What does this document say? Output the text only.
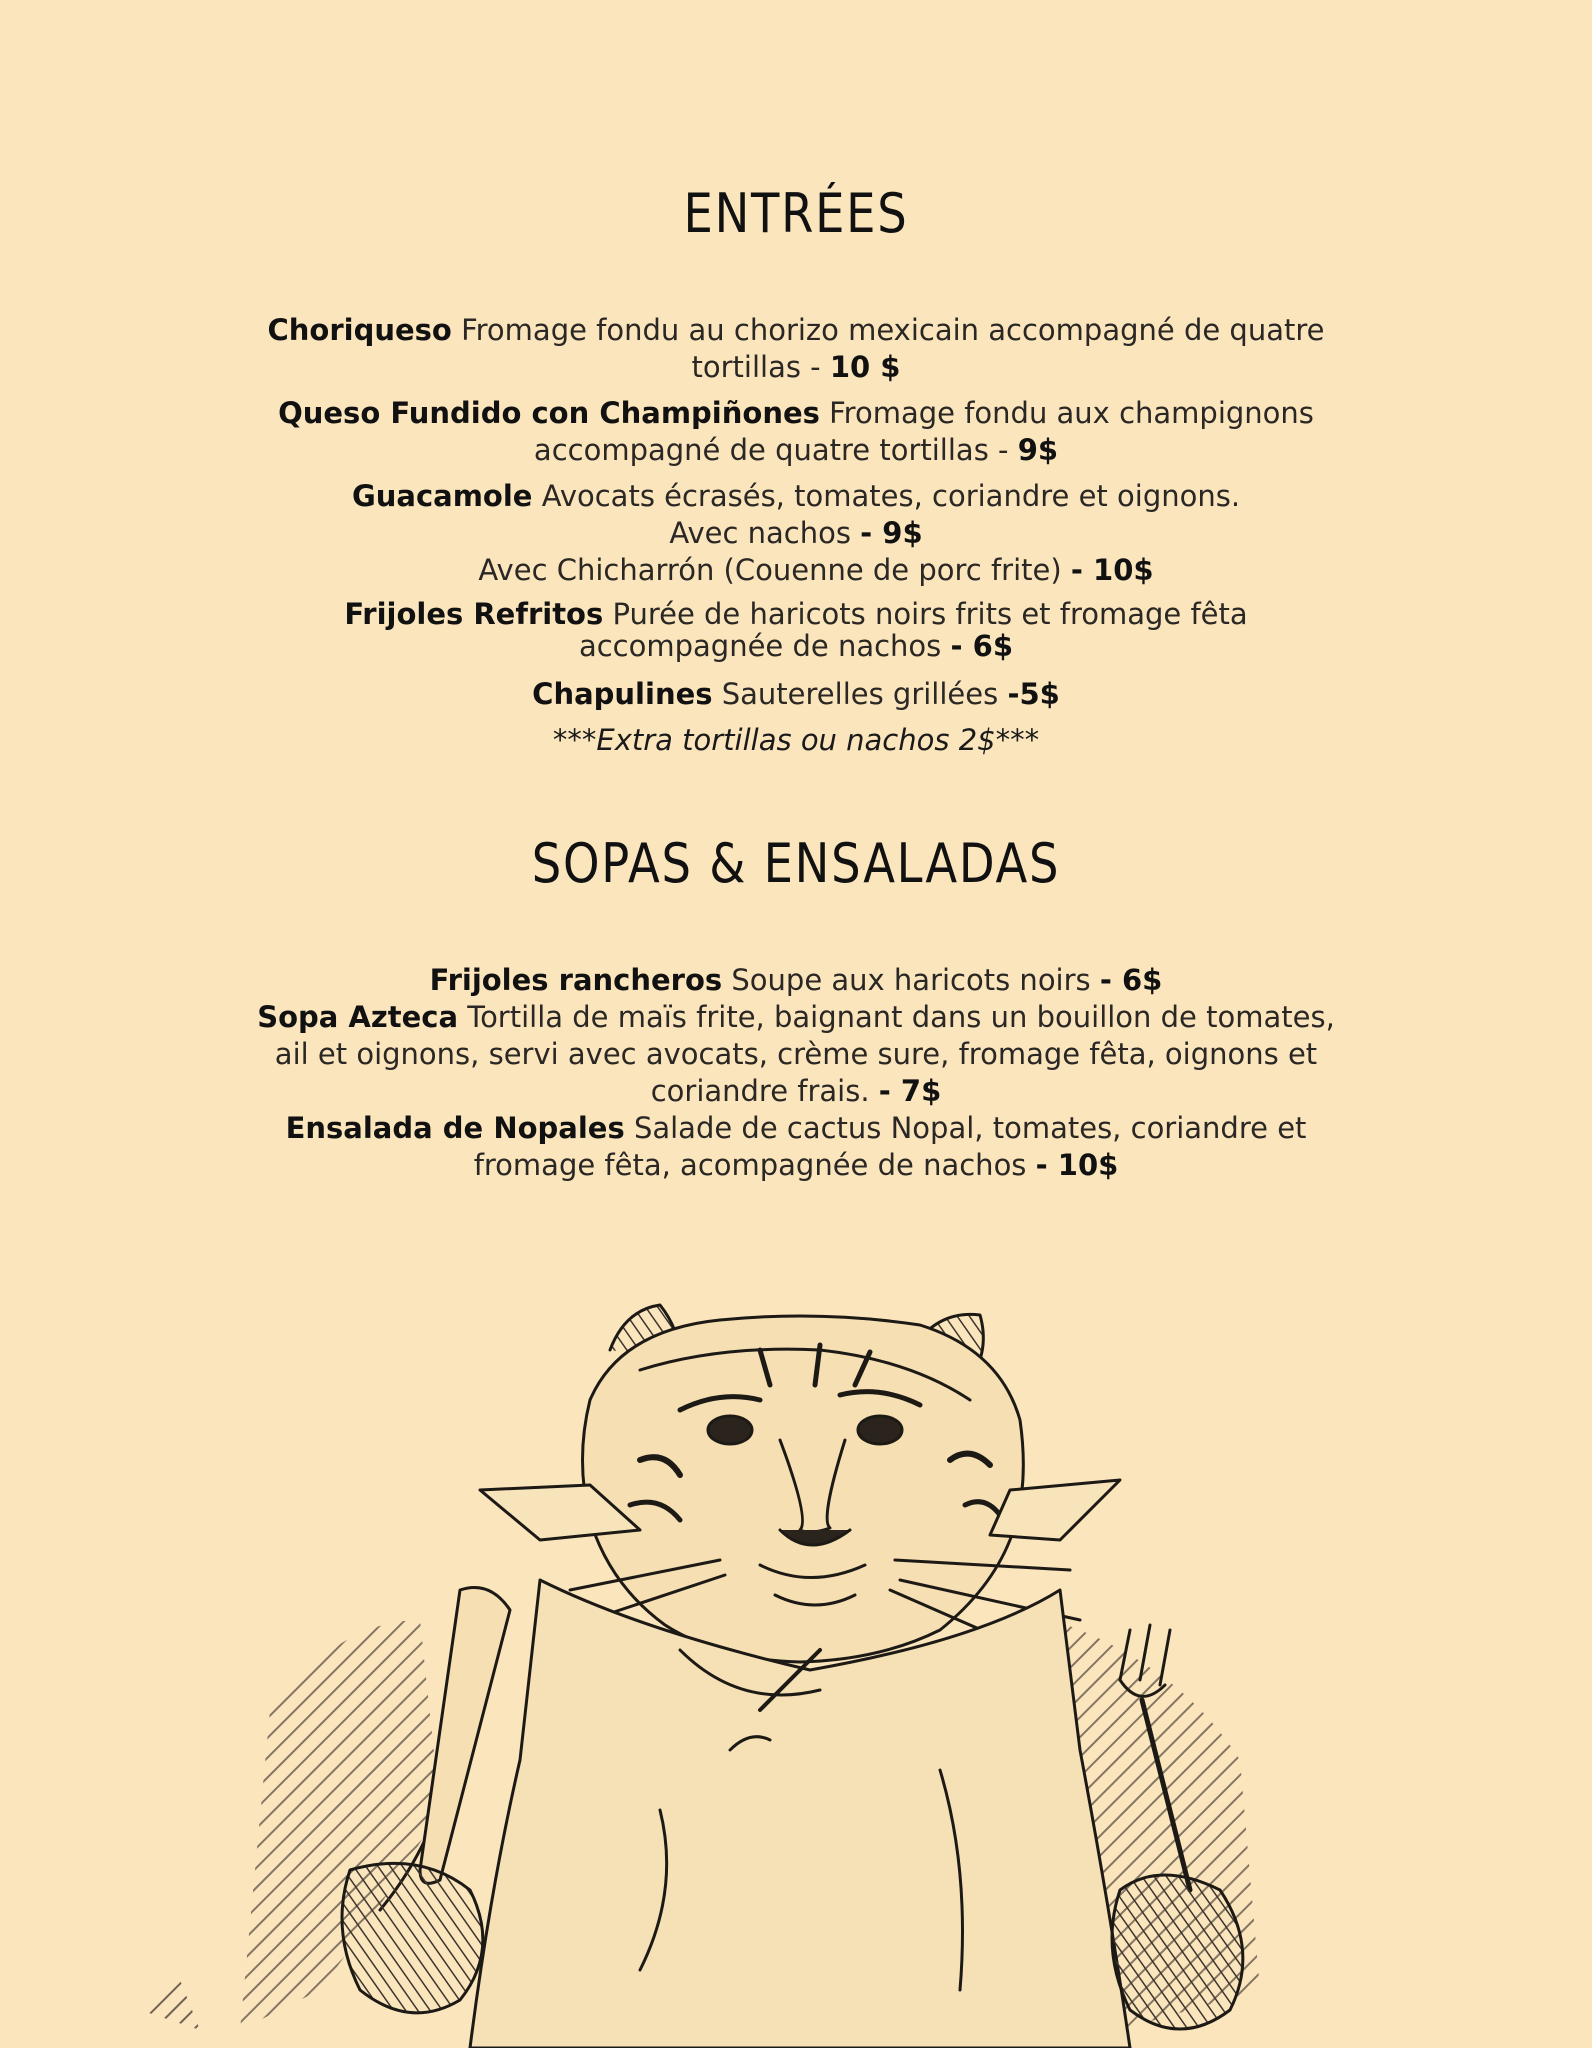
ENTRÉES
Choriqueso Fromage fondu au chorizo mexicain accompagné de quatre
tortillas - 10 $
Queso Fundido con Champiñones Fromage fondu aux champignons
accompagné de quatre tortillas - 9$
Guacamole Avocats écrasés, tomates, coriandre et oignons.
Avec nachos - 9$
Avec Chicharrón (Couenne de porc frite) - 10$
Frijoles Refritos Purée de haricots noirs frits et fromage fêta
accompagnée de nachos - 6$
Chapulines Sauterelles grillées -5$
***Extra tortillas ou nachos 2$***
SOPAS & ENSALADAS
Frijoles rancheros Soupe aux haricots noirs - 6$
Sopa Azteca Tortilla de maïs frite, baignant dans un bouillon de tomates,
ail et oignons, servi avec avocats, crème sure, fromage fêta, oignons et
coriandre frais. - 7$
Ensalada de Nopales Salade de cactus Nopal, tomates, coriandre et
fromage fêta, acompagnée de nachos - 10$
